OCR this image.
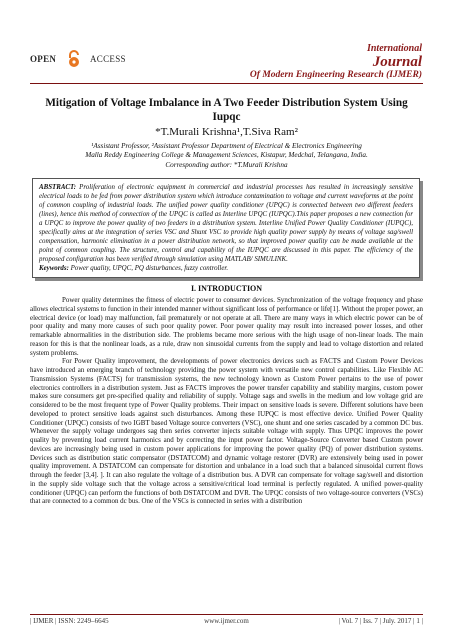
OPEN	ACCESS
International
Journal
Of Modern Engineering Research (IJMER)
Mitigation of Voltage Imbalance in A Two Feeder Distribution System Using Iupqc
*T.Murali Krishna¹,T.Siva Ram²
¹Assistant Professor, ²Assistant Professor Department of Electrical & Electronics Engineering
Malla Reddy Engineering College & Management Sciences, Kistapur, Medchal, Telangana, India.
Corresponding author: *T.Murali Krishna
ABSTRACT: Proliferation of electronic equipment in commercial and industrial processes has resulted in increasingly sensitive electrical loads to be fed from power distribution system which introduce contamination to voltage and current waveforms at the point of common coupling of industrial loads. The unified power quality conditioner (UPQC) is connected between two different feeders (lines), hence this method of connection of the UPQC is called as Interline UPQC (IUPQC).This paper proposes a new connection for a UPQC to improve the power quality of two feeders in a distribution system. Interline Unified Power Quality Conditioner (IUPQC), specifically aims at the integration of series VSC and Shunt VSC to provide high quality power supply by means of voltage sag/swell compensation, harmonic elimination in a power distribution network, so that improved power quality can be made available at the point of common coupling. The structure, control and capability of the IUPQC are discussed in this paper. The efficiency of the proposed configuration has been verified through simulation using MATLAB/ SIMULINK.
Keywords: Power quality, UPQC, PQ disturbances, fuzzy controller.
I. INTRODUCTION

Power quality determines the fitness of electric power to consumer devices. Synchronization of the voltage frequency and phase allows electrical systems to function in their intended manner without significant loss of performance or life[1]. Without the proper power, an electrical device (or load) may malfunction, fail prematurely or not operate at all. There are many ways in which electric power can be of poor quality and many more causes of such poor quality power. Poor power quality may result into increased power losses, and other remarkable abnormalities in the distribution side. The problems became more serious with the high usage of non-linear loads. The main reason for this is that the nonlinear loads, as a rule, draw non sinusoidal currents from the supply and lead to voltage distortion and related system problems.

For Power Quality improvement, the developments of power electronics devices such as FACTS and Custom Power Devices have introduced an emerging branch of technology providing the power system with versatile new control capabilities. Like Flexible AC Transmission Systems (FACTS) for transmission systems, the new technology known as Custom Power pertains to the use of power electronics controllers in a distribution system. Just as FACTS improves the power transfer capability and stability margins, custom power makes sure consumers get pre-specified quality and reliability of supply. Voltage sags and swells in the medium and low voltage grid are considered to be the most frequent type of Power Quality problems. Their impact on sensitive loads is severe. Different solutions have been developed to protect sensitive loads against such disturbances. Among these IUPQC is most effective device. Unified Power Quality Conditioner (UPQC) consists of two IGBT based Voltage source converters (VSC), one shunt and one series cascaded by a common DC bus. Whenever the supply voltage undergoes sag then series converter injects suitable voltage with supply. Thus UPQC improves the power quality by preventing load current harmonics and by correcting the input power factor. Voltage-Source Converter based Custom power devices are increasingly being used in custom power applications for improving the power quality (PQ) of power distribution systems. Devices such as distribution static compensator (DSTATCOM) and dynamic voltage restorer (DVR) are extensively being used in power quality improvement. A DSTATCOM can compensate for distortion and unbalance in a load such that a balanced sinusoidal current flows through the feeder [3,4]. ]. It can also regulate the voltage of a distribution bus. A DVR can compensate for voltage sag/swell and distortion in the supply side voltage such that the voltage across a sensitive/critical load terminal is perfectly regulated. A unified power-quality conditioner (UPQC) can perform the functions of both DSTATCOM and DVR. The UPQC consists of two voltage-source converters (VSCs) that are connected to a common dc bus. One of the VSCs is connected in series with a distribution

| IJMER | ISSN: 2249–6645	www.ijmer.com	| Vol. 7 | Iss. 7 | July. 2017 | 1 |
